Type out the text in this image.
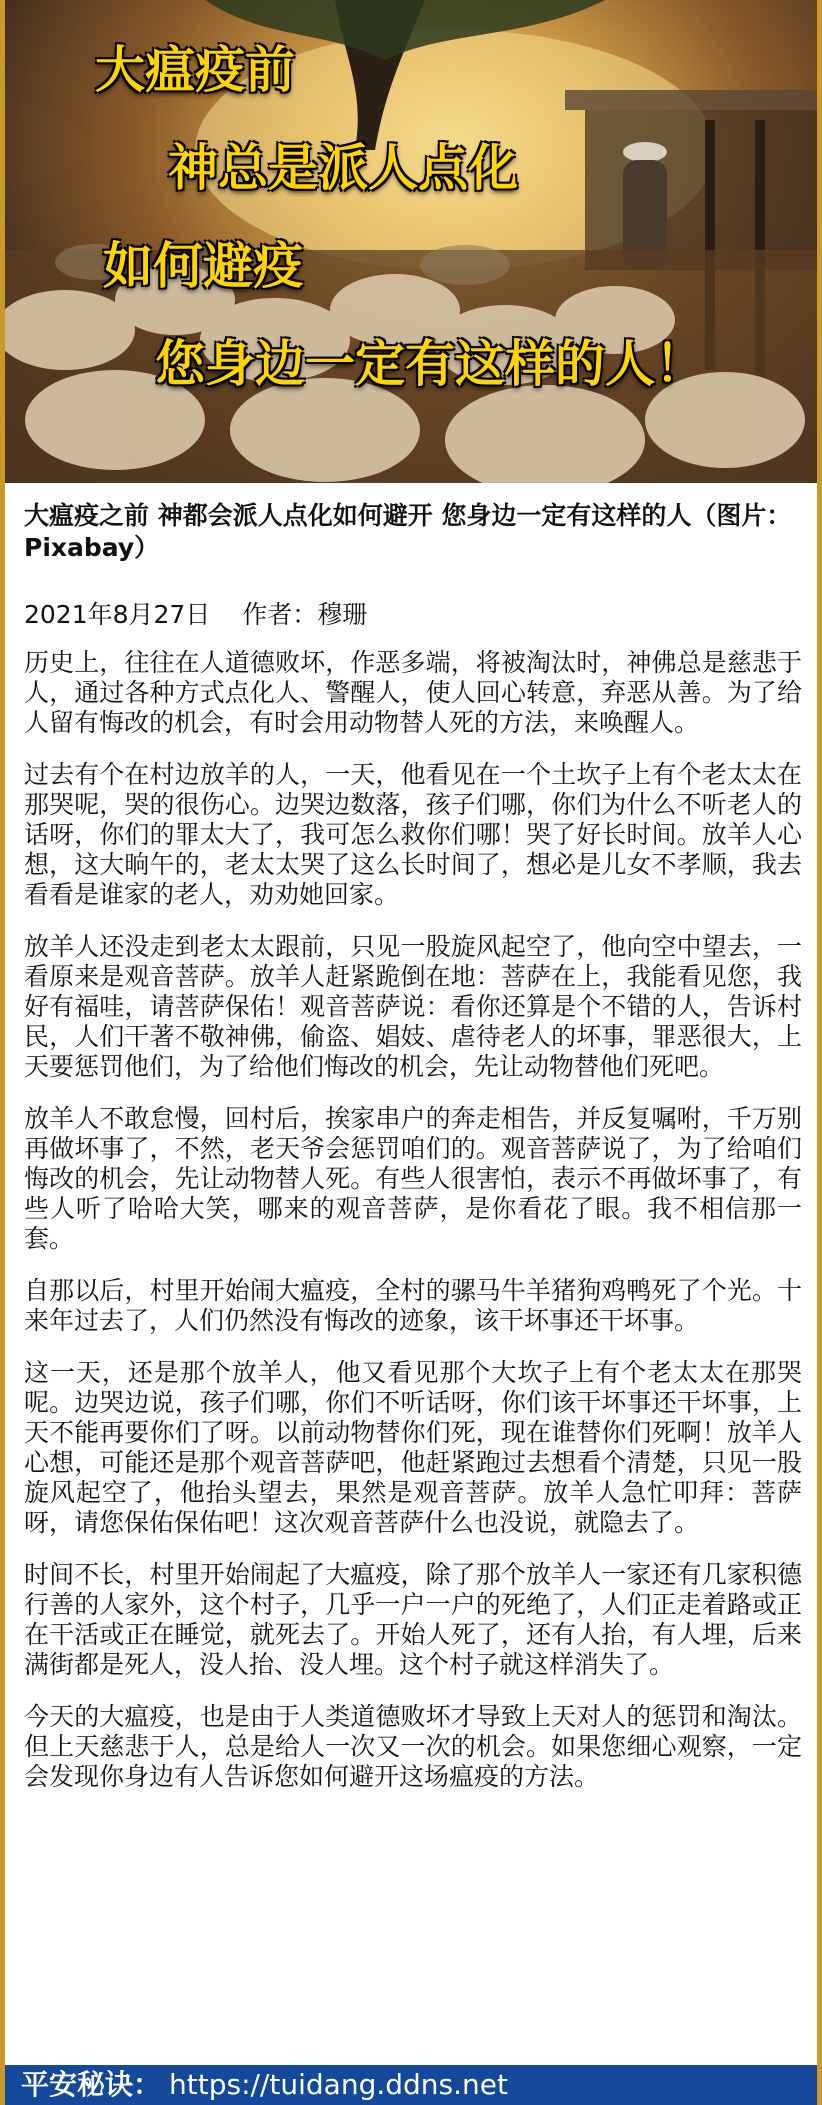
大瘟疫前
神总是派人点化
如何避疫
您身边一定有这样的人！
大瘟疫之前 神都会派人点化如何避开 您身边一定有这样的人（图片：Pixabay）
2021年8月27日 作者：穆珊

历史上，往往在人道德败坏，作恶多端，将被淘汰时，神佛总是慈悲于人，通过各种方式点化人、警醒人，使人回心转意，弃恶从善。为了给人留有悔改的机会，有时会用动物替人死的方法，来唤醒人。

过去有个在村边放羊的人，一天，他看见在一个土坎子上有个老太太在那哭呢，哭的很伤心。边哭边数落，孩子们哪，你们为什么不听老人的话呀，你们的罪太大了，我可怎么救你们哪！哭了好长时间。放羊人心想，这大晌午的，老太太哭了这么长时间了，想必是儿女不孝顺，我去看看是谁家的老人，劝劝她回家。

放羊人还没走到老太太跟前，只见一股旋风起空了，他向空中望去，一看原来是观音菩萨。放羊人赶紧跪倒在地：菩萨在上，我能看见您，我好有福哇，请菩萨保佑！观音菩萨说：看你还算是个不错的人，告诉村民，人们干著不敬神佛，偷盗、娼妓、虐待老人的坏事，罪恶很大，上天要惩罚他们，为了给他们悔改的机会，先让动物替他们死吧。

放羊人不敢怠慢，回村后，挨家串户的奔走相告，并反复嘱咐，千万别再做坏事了，不然，老天爷会惩罚咱们的。观音菩萨说了，为了给咱们悔改的机会，先让动物替人死。有些人很害怕，表示不再做坏事了，有些人听了哈哈大笑，哪来的观音菩萨，是你看花了眼。我不相信那一套。

自那以后，村里开始闹大瘟疫，全村的骡马牛羊猪狗鸡鸭死了个光。十来年过去了，人们仍然没有悔改的迹象，该干坏事还干坏事。

这一天，还是那个放羊人，他又看见那个大坎子上有个老太太在那哭呢。边哭边说，孩子们哪，你们不听话呀，你们该干坏事还干坏事，上天不能再要你们了呀。以前动物替你们死，现在谁替你们死啊！放羊人心想，可能还是那个观音菩萨吧，他赶紧跑过去想看个清楚，只见一股旋风起空了，他抬头望去，果然是观音菩萨。放羊人急忙叩拜：菩萨呀，请您保佑保佑吧！这次观音菩萨什么也没说，就隐去了。

时间不长，村里开始闹起了大瘟疫，除了那个放羊人一家还有几家积德行善的人家外，这个村子，几乎一户一户的死绝了，人们正走着路或正在干活或正在睡觉，就死去了。开始人死了，还有人抬，有人埋，后来满街都是死人，没人抬、没人埋。这个村子就这样消失了。

今天的大瘟疫，也是由于人类道德败坏才导致上天对人的惩罚和淘汰。但上天慈悲于人，总是给人一次又一次的机会。如果您细心观察，一定会发现你身边有人告诉您如何避开这场瘟疫的方法。

平安秘诀： https://tuidang.ddns.net
